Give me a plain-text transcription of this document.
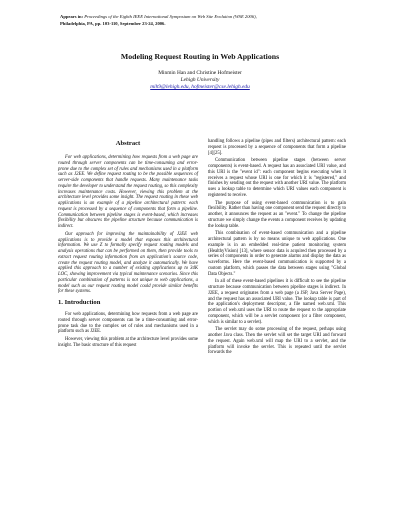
Appears in: Proceedings of the Eighth IEEE International Symposium on Web Site Evolution (WSE 2006),
Philadelphia, PA, pp. 103-110, September 23-24, 2006.
Modeling Request Routing in Web Applications
Minmin Han and Christine Hofmeister
Lehigh University
mih9@lehigh.edu, hofmeister@cse.lehigh.edu
Abstract

For web applications, determining how requests from a web page are routed through server components can be time-consuming and error-prone due to the complex set of rules and mechanisms used in a platform such as J2EE. We define request routing to be the possible sequences of server-side components that handle requests. Many maintenance tasks require the developer to understand the request routing, so this complexity increases maintenance costs. However, viewing this problem at the architecture level provides some insight. The request routing in these web applications is an example of a pipeline architectural pattern: each request is processed by a sequence of components that form a pipeline. Communication between pipeline stages is event-based, which increases flexibility but obscures the pipeline structure because communication is indirect.

Our approach for improving the maintainability of J2EE web applications is to provide a model that exposes this architectural information. We use Z to formally specify request routing models and analysis operations that can be performed on them, then provide tools to extract request routing information from an application's source code, create the request routing model, and analyze it automatically. We have applied this approach to a number of existing applications up to 34K LOC, showing improvement via typical maintenance scenarios. Since this particular combination of patterns is not unique to web applications, a model such as our request routing model could provide similar benefits for these systems.

1. Introduction

For web applications, determining how requests from a web page are routed through server components can be a time-consuming and error-prone task due to the complex set of rules and mechanisms used in a platform such as J2EE.

However, viewing this problem at the architecture level provides some insight. The basic structure of this request

handling follows a pipeline (pipes and filters) architectural pattern: each request is processed by a sequence of components that form a pipeline [4][25].

Communication between pipeline stages (between server components) is event-based. A request has an associated URI value, and this URI is the "event id": each component begins executing when it receives a request whose URI is one for which it is "registered," and finishes by sending out the request with another URI value. The platform uses a lookup table to determine which URI values each component is registered to receive.

The purpose of using event-based communication is to gain flexibility. Rather than having one component send the request directly to another, it announces the request as an "event." To change the pipeline structure we simply change the events a component receives by updating the lookup table.

This combination of event-based communication and a pipeline architectural pattern is by no means unique to web applications. One example is in an embedded real-time patient monitoring system (HealthyVision) [13], where sensor data is acquired then processed by a series of components in order to generate alarms and display the data as waveforms. Here the event-based communication is supported by a custom platform, which passes the data between stages using "Global Data Objects."

In all of these event-based pipelines it is difficult to see the pipeline structure because communication between pipeline stages is indirect. In J2EE, a request originates from a web page (a JSP, Java Server Page), and the request has an associated URI value. The lookup table is part of the application's deployment descriptor, a file named web.xml. This portion of web.xml uses the URI to route the request to the appropriate component, which will be a servlet component (or a filter component, which is similar to a servlet).

The servlet may do some processing of the request, perhaps using another Java class. Then the servlet will set the target URI and forward the request. Again web.xml will map the URI to a servlet, and the platform will invoke the servlet. This is repeated until the servlet forwards the
